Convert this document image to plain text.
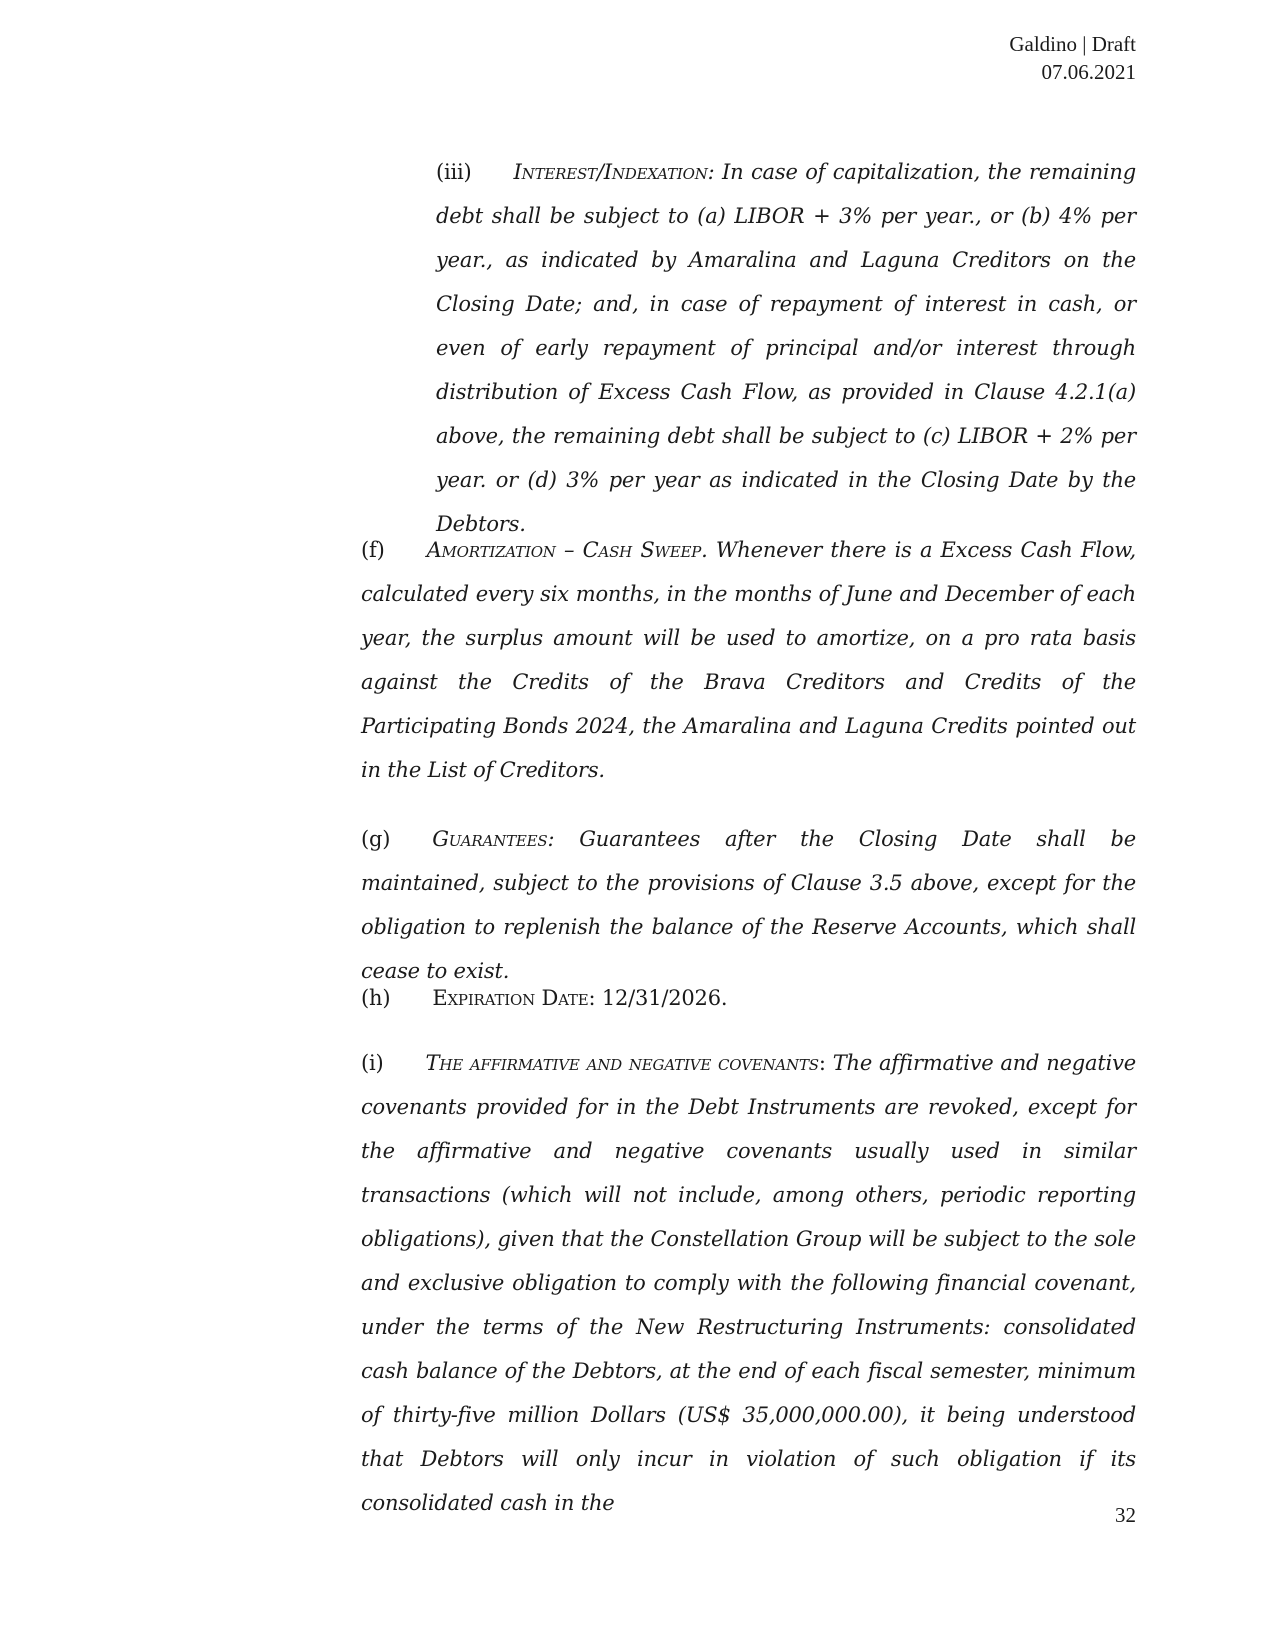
Galdino | Draft
07.06.2021
(iii) Interest/Indexation: In case of capitalization, the remaining debt shall be subject to (a) LIBOR + 3% per year., or (b) 4% per year., as indicated by Amaralina and Laguna Creditors on the Closing Date; and, in case of repayment of interest in cash, or even of early repayment of principal and/or interest through distribution of Excess Cash Flow, as provided in Clause 4.2.1(a) above, the remaining debt shall be subject to (c) LIBOR + 2% per year. or (d) 3% per year as indicated in the Closing Date by the Debtors.
(f) Amortization – Cash Sweep. Whenever there is a Excess Cash Flow, calculated every six months, in the months of June and December of each year, the surplus amount will be used to amortize, on a pro rata basis against the Credits of the Brava Creditors and Credits of the Participating Bonds 2024, the Amaralina and Laguna Credits pointed out in the List of Creditors.
(g) Guarantees: Guarantees after the Closing Date shall be maintained, subject to the provisions of Clause 3.5 above, except for the obligation to replenish the balance of the Reserve Accounts, which shall cease to exist.
(h) Expiration Date: 12/31/2026.
(i) The affirmative and negative covenants: The affirmative and negative covenants provided for in the Debt Instruments are revoked, except for the affirmative and negative covenants usually used in similar transactions (which will not include, among others, periodic reporting obligations), given that the Constellation Group will be subject to the sole and exclusive obligation to comply with the following financial covenant, under the terms of the New Restructuring Instruments: consolidated cash balance of the Debtors, at the end of each fiscal semester, minimum of thirty-five million Dollars (US$ 35,000,000.00), it being understood that Debtors will only incur in violation of such obligation if its consolidated cash in the	32
